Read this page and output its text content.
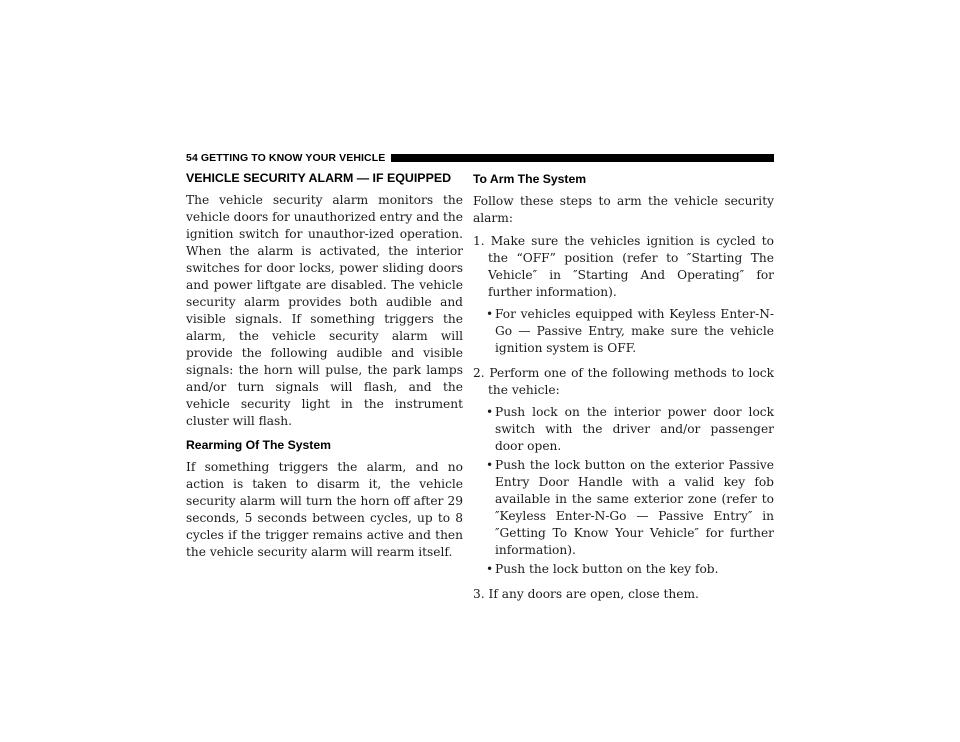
54 GETTING TO KNOW YOUR VEHICLE
VEHICLE SECURITY ALARM — IF EQUIPPED

The vehicle security alarm monitors the vehicle doors for unauthorized entry and the ignition switch for unauthor-ized operation. When the alarm is activated, the interior switches for door locks, power sliding doors and power liftgate are disabled. The vehicle security alarm provides both audible and visible signals. If something triggers the alarm, the vehicle security alarm will provide the following audible and visible signals: the horn will pulse, the park lamps and/or turn signals will flash, and the vehicle security light in the instrument cluster will flash.

Rearming Of The System

If something triggers the alarm, and no action is taken to disarm it, the vehicle security alarm will turn the horn off after 29 seconds, 5 seconds between cycles, up to 8 cycles if the trigger remains active and then the vehicle security alarm will rearm itself.

To Arm The System

Follow these steps to arm the vehicle security alarm:

1. Make sure the vehicles ignition is cycled to the “OFF” position (refer to ″Starting The Vehicle″ in ″Starting And Operating″ for further information).
• For vehicles equipped with Keyless Enter-N-Go — Passive Entry, make sure the vehicle ignition system is OFF.
2. Perform one of the following methods to lock the vehicle:
• Push lock on the interior power door lock switch with the driver and/or passenger door open.
• Push the lock button on the exterior Passive Entry Door Handle with a valid key fob available in the same exterior zone (refer to ″Keyless Enter-N-Go — Passive Entry″ in ″Getting To Know Your Vehicle″ for further information).
• Push the lock button on the key fob.
3. If any doors are open, close them.
